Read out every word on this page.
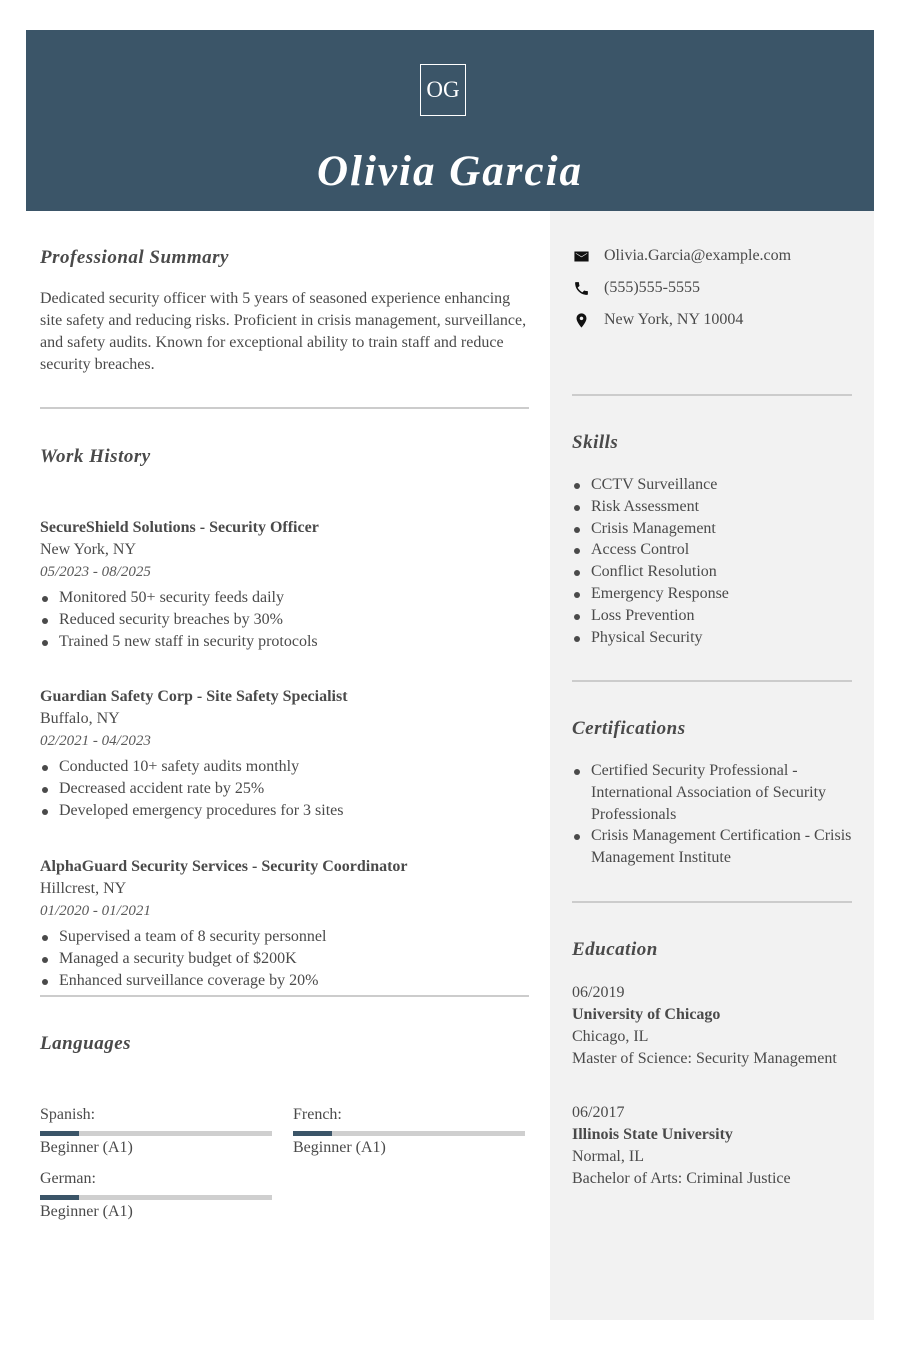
OG
Olivia Garcia
Professional Summary
Dedicated security officer with 5 years of seasoned experience enhancing site safety and reducing risks. Proficient in crisis management, surveillance, and safety audits. Known for exceptional ability to train staff and reduce security breaches.
Work History
SecureShield Solutions - Security Officer
New York, NY
05/2023 - 08/2025
Monitored 50+ security feeds daily
Reduced security breaches by 30%
Trained 5 new staff in security protocols
Guardian Safety Corp - Site Safety Specialist
Buffalo, NY
02/2021 - 04/2023
Conducted 10+ safety audits monthly
Decreased accident rate by 25%
Developed emergency procedures for 3 sites
AlphaGuard Security Services - Security Coordinator
Hillcrest, NY
01/2020 - 01/2021
Supervised a team of 8 security personnel
Managed a security budget of $200K
Enhanced surveillance coverage by 20%
Languages
Spanish:
Beginner (A1)
French:
Beginner (A1)
German:
Beginner (A1)
Olivia.Garcia@example.com
(555)555-5555
New York, NY 10004
Skills
CCTV Surveillance
Risk Assessment
Crisis Management
Access Control
Conflict Resolution
Emergency Response
Loss Prevention
Physical Security
Certifications
Certified Security Professional - International Association of Security Professionals
Crisis Management Certification - Crisis Management Institute
Education
06/2019
University of Chicago
Chicago, IL
Master of Science: Security Management
06/2017
Illinois State University
Normal, IL
Bachelor of Arts: Criminal Justice
